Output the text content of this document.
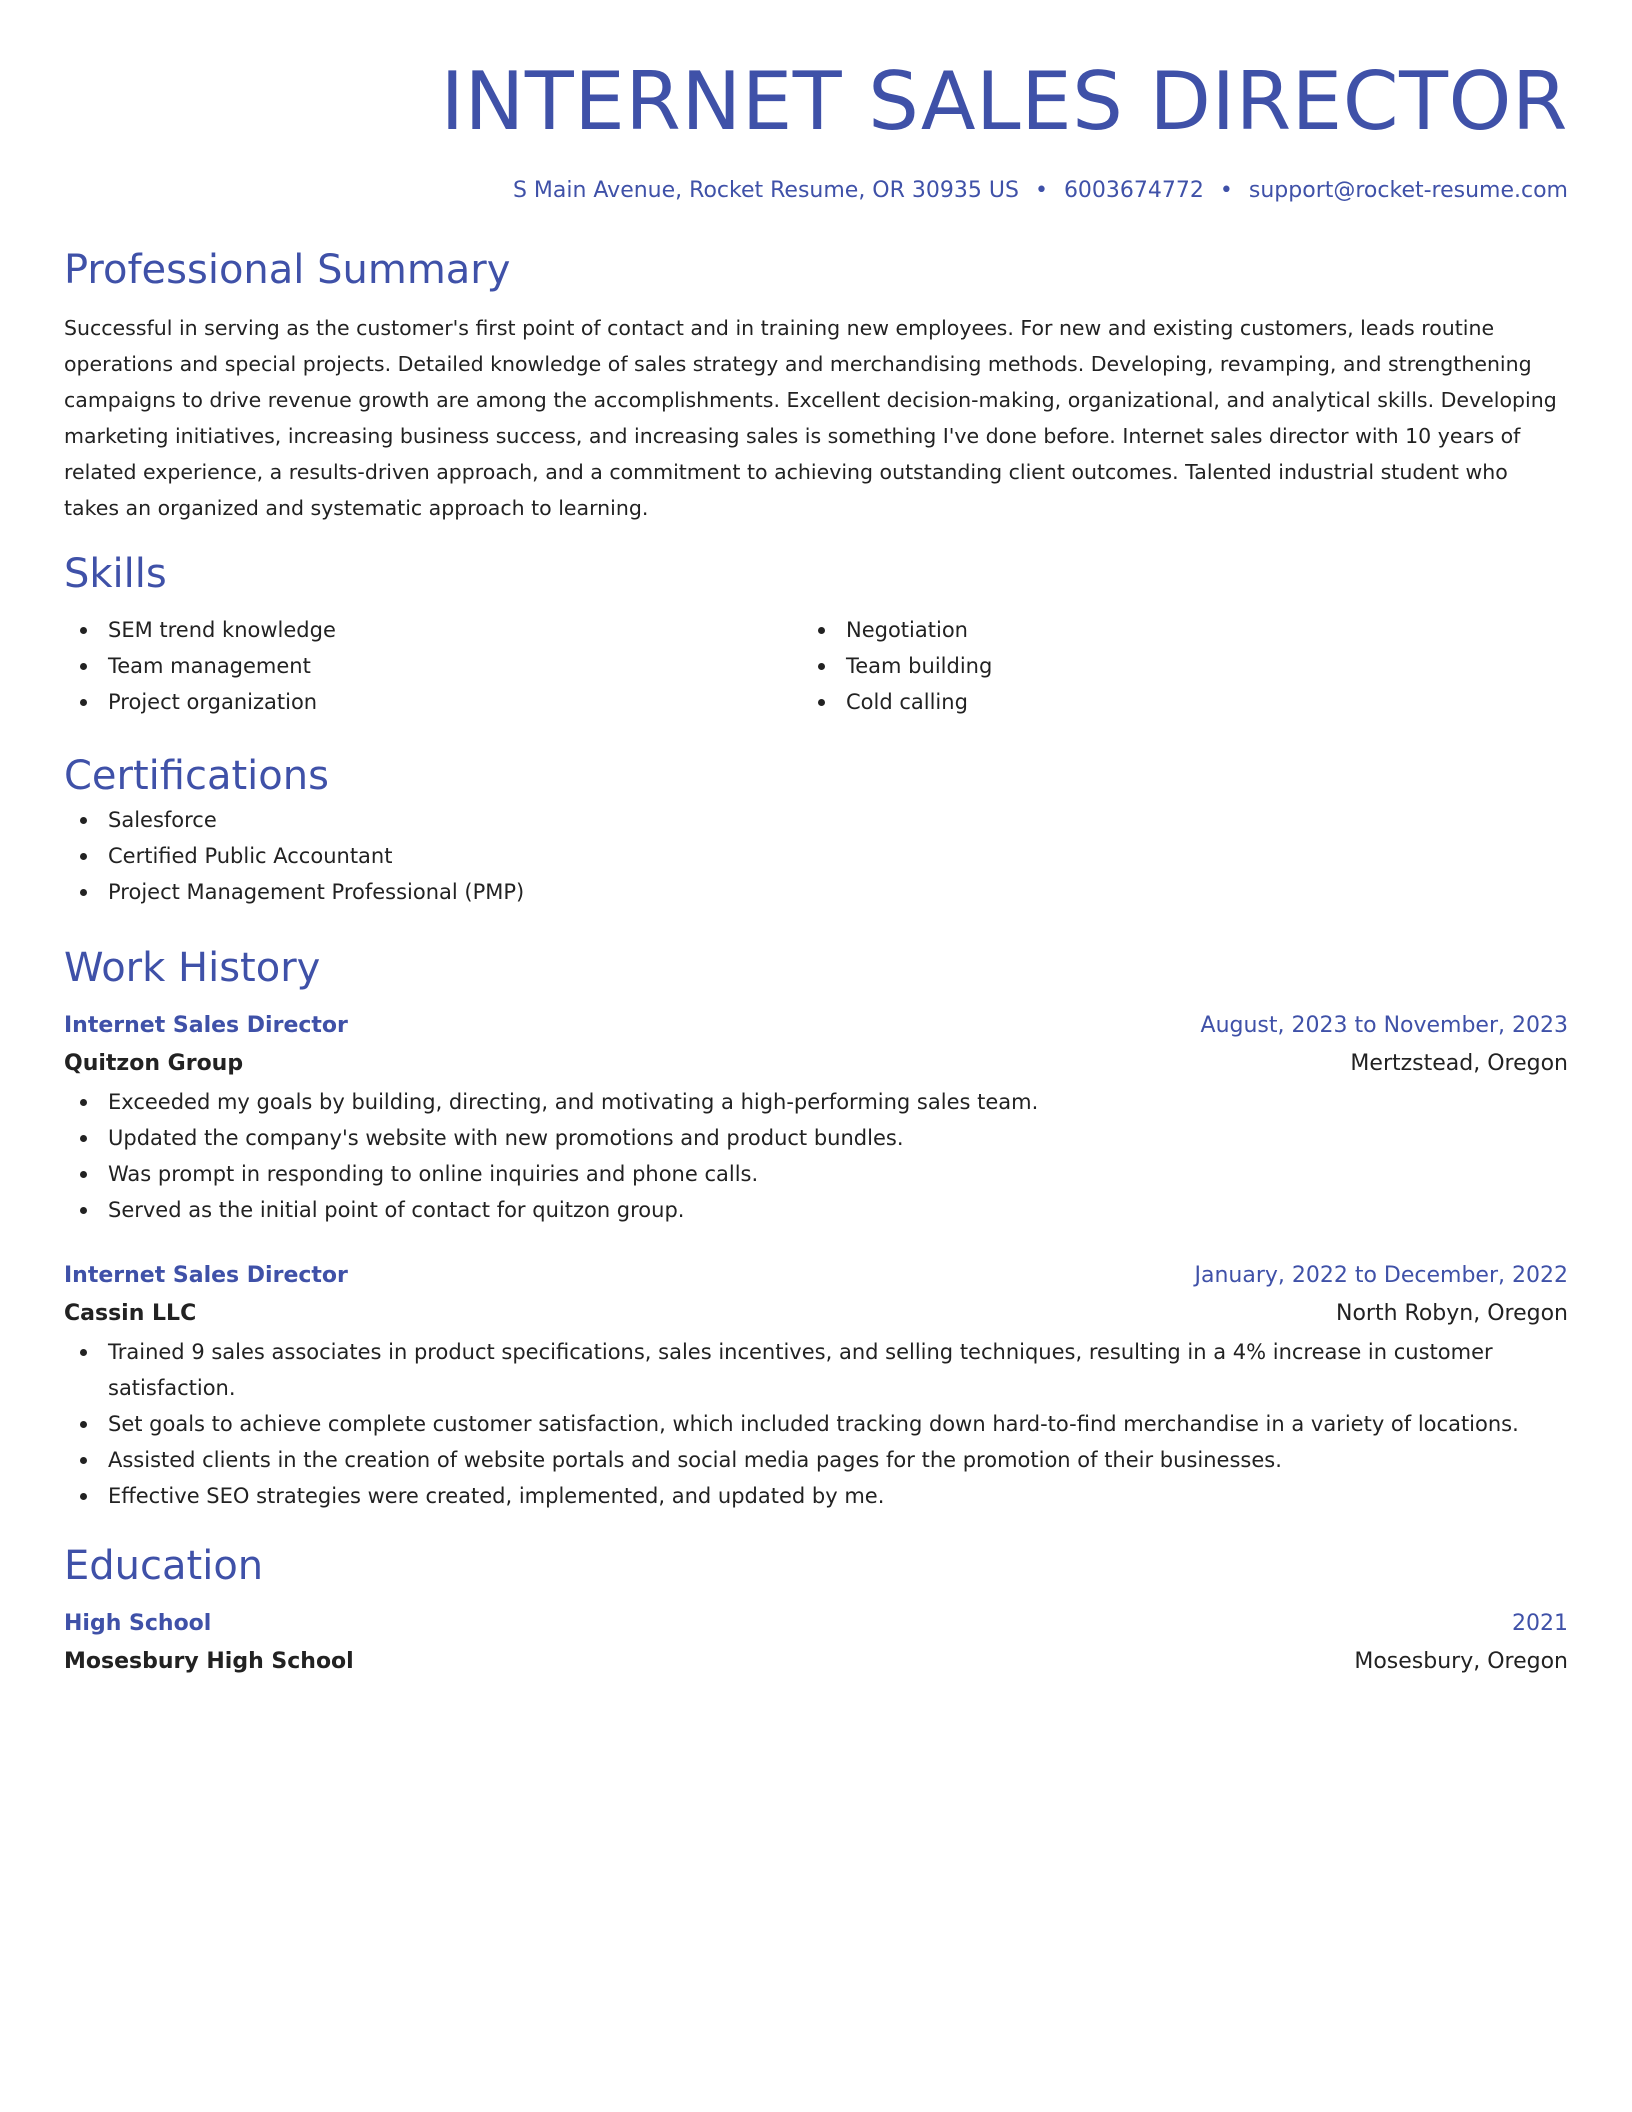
INTERNET SALES DIRECTOR
S Main Avenue, Rocket Resume, OR 30935 US • 6003674772 • support@rocket-resume.com
Professional Summary

Successful in serving as the customer's first point of contact and in training new employees. For new and existing customers, leads routine operations and special projects. Detailed knowledge of sales strategy and merchandising methods. Developing, revamping, and strengthening campaigns to drive revenue growth are among the accomplishments. Excellent decision-making, organizational, and analytical skills. Developing marketing initiatives, increasing business success, and increasing sales is something I've done before. Internet sales director with 10 years of related experience, a results-driven approach, and a commitment to achieving outstanding client outcomes. Talented industrial student who takes an organized and systematic approach to learning.

Skills
SEM trend knowledge
Team management
Project organization
Negotiation
Team building
Cold calling
Certifications
Salesforce
Certified Public Accountant
Project Management Professional (PMP)
Work History
Internet Sales Director	August, 2023 to November, 2023
Quitzon Group	Mertzstead, Oregon
Exceeded my goals by building, directing, and motivating a high-performing sales team.
Updated the company's website with new promotions and product bundles.
Was prompt in responding to online inquiries and phone calls.
Served as the initial point of contact for quitzon group.
Internet Sales Director	January, 2022 to December, 2022
Cassin LLC	North Robyn, Oregon
Trained 9 sales associates in product specifications, sales incentives, and selling techniques, resulting in a 4% increase in customer satisfaction.
Set goals to achieve complete customer satisfaction, which included tracking down hard-to-find merchandise in a variety of locations.
Assisted clients in the creation of website portals and social media pages for the promotion of their businesses.
Effective SEO strategies were created, implemented, and updated by me.
Education
High School	2021
Mosesbury High School	Mosesbury, Oregon
